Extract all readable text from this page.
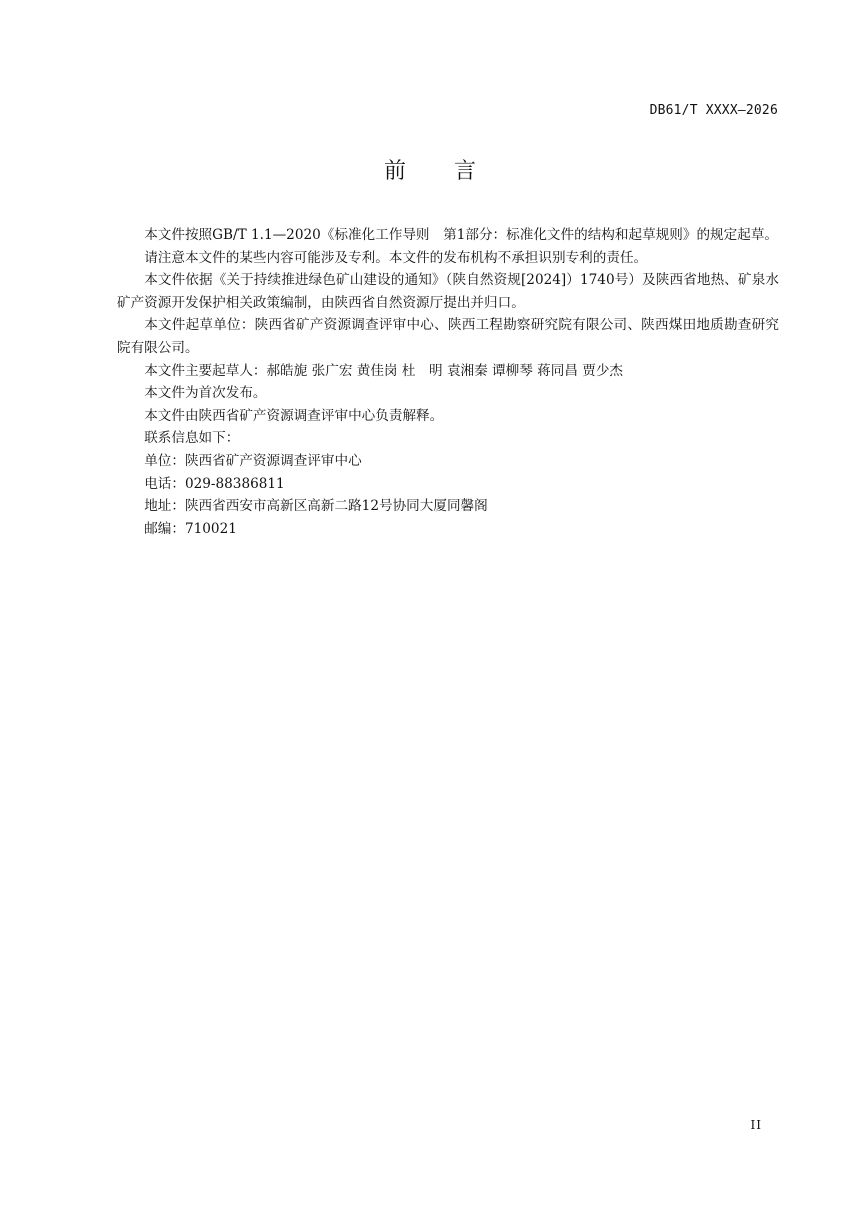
DB61/T XXXX—2026
前言

本文件按照GB/T 1.1—2020《标准化工作导则　第1部分：标准化文件的结构和起草规则》的规定起草。

请注意本文件的某些内容可能涉及专利。本文件的发布机构不承担识别专利的责任。

本文件依据《关于持续推进绿色矿山建设的通知》（陕自然资规[2024]）1740号）及陕西省地热、矿泉水矿产资源开发保护相关政策编制，由陕西省自然资源厅提出并归口。

本文件起草单位：陕西省矿产资源调查评审中心、陕西工程勘察研究院有限公司、陕西煤田地质勘查研究院有限公司。

本文件主要起草人：郝皓旎 张广宏 黄佳岗 杜　明 袁湘秦 谭柳琴 蒋同昌 贾少杰

本文件为首次发布。

本文件由陕西省矿产资源调查评审中心负责解释。

联系信息如下：

单位：陕西省矿产资源调查评审中心

电话：029-88386811

地址：陕西省西安市高新区高新二路12号协同大厦同馨阁

邮编：710021

II
